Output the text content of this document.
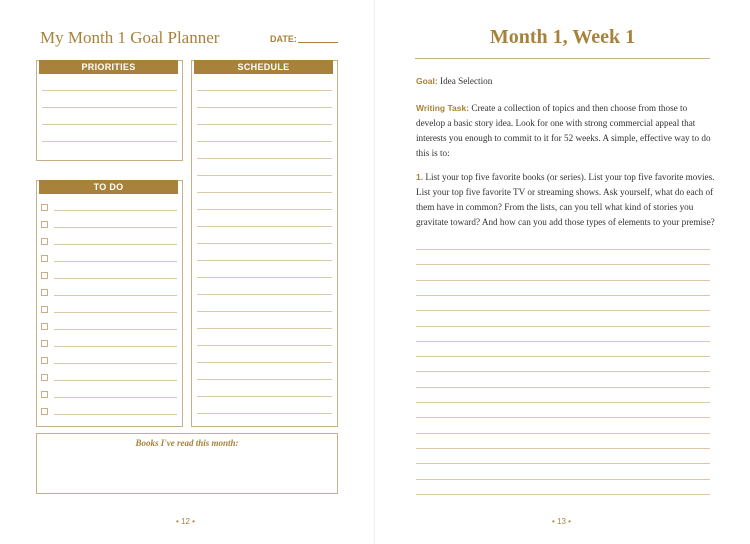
My Month 1 Goal Planner	DATE:
PRIORITIES	SCHEDULE
TO DO
Books I've read this month:
• 12 •
Month 1, Week 1
Goal: Idea Selection
Writing Task: Create a collection of topics and then choose from those to develop a basic story idea. Look for one with strong commercial appeal that interests you enough to commit to it for 52 weeks. A simple, effective way to do this is to:
1. List your top five favorite books (or series). List your top five favorite movies. List your top five favorite TV or streaming shows. Ask yourself, what do each of them have in common? From the lists, can you tell what kind of stories you gravitate toward? And how can you add those types of elements to your premise?
• 13 •
